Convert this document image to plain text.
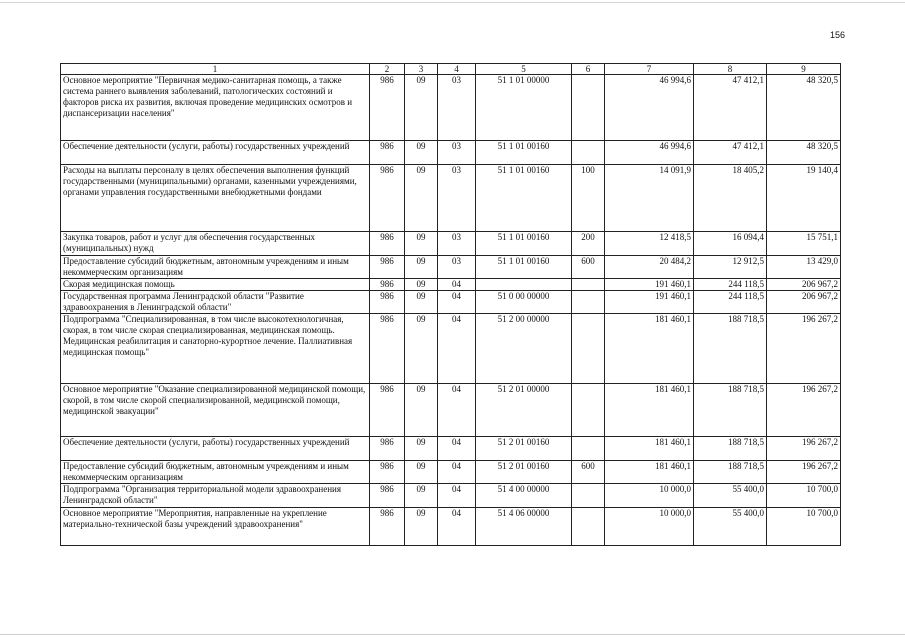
156
1	2	3	4	5	6	7	8	9
Основное мероприятие "Первичная медико-санитарная помощь, а также система раннего выявления заболеваний, патологических состояний и факторов риска их развития, включая проведение медицинских осмотров и диспансеризации населения"	986	09	03	51 1 01 00000		46 994,6	47 412,1	48 320,5
Обеспечение деятельности (услуги, работы) государственных учреждений	986	09	03	51 1 01 00160		46 994,6	47 412,1	48 320,5
Расходы на выплаты персоналу в целях обеспечения выполнения функций государственными (муниципальными) органами, казенными учреждениями, органами управления государственными внебюджетными фондами	986	09	03	51 1 01 00160	100	14 091,9	18 405,2	19 140,4
Закупка товаров, работ и услуг для обеспечения государственных (муниципальных) нужд	986	09	03	51 1 01 00160	200	12 418,5	16 094,4	15 751,1
Предоставление субсидий бюджетным, автономным учреждениям и иным некоммерческим организациям	986	09	03	51 1 01 00160	600	20 484,2	12 912,5	13 429,0
Скорая медицинская помощь	986	09	04			191 460,1	244 118,5	206 967,2
Государственная программа Ленинградской области "Развитие здравоохранения в Ленинградской области"	986	09	04	51 0 00 00000		191 460,1	244 118,5	206 967,2
Подпрограмма "Специализированная, в том числе высокотехнологичная, скорая, в том числе скорая специализированная, медицинская помощь. Медицинская реабилитация и санаторно-курортное лечение. Паллиативная медицинская помощь"	986	09	04	51 2 00 00000		181 460,1	188 718,5	196 267,2
Основное мероприятие "Оказание специализированной медицинской помощи, скорой, в том числе скорой специализированной, медицинской помощи, медицинской эвакуации"	986	09	04	51 2 01 00000		181 460,1	188 718,5	196 267,2
Обеспечение деятельности (услуги, работы) государственных учреждений	986	09	04	51 2 01 00160		181 460,1	188 718,5	196 267,2
Предоставление субсидий бюджетным, автономным учреждениям и иным некоммерческим организациям	986	09	04	51 2 01 00160	600	181 460,1	188 718,5	196 267,2
Подпрограмма "Организация территориальной модели здравоохранения Ленинградской области"	986	09	04	51 4 00 00000		10 000,0	55 400,0	10 700,0
Основное мероприятие "Мероприятия, направленные на укрепление материально-технической базы учреждений здравоохранения"	986	09	04	51 4 06 00000		10 000,0	55 400,0	10 700,0
